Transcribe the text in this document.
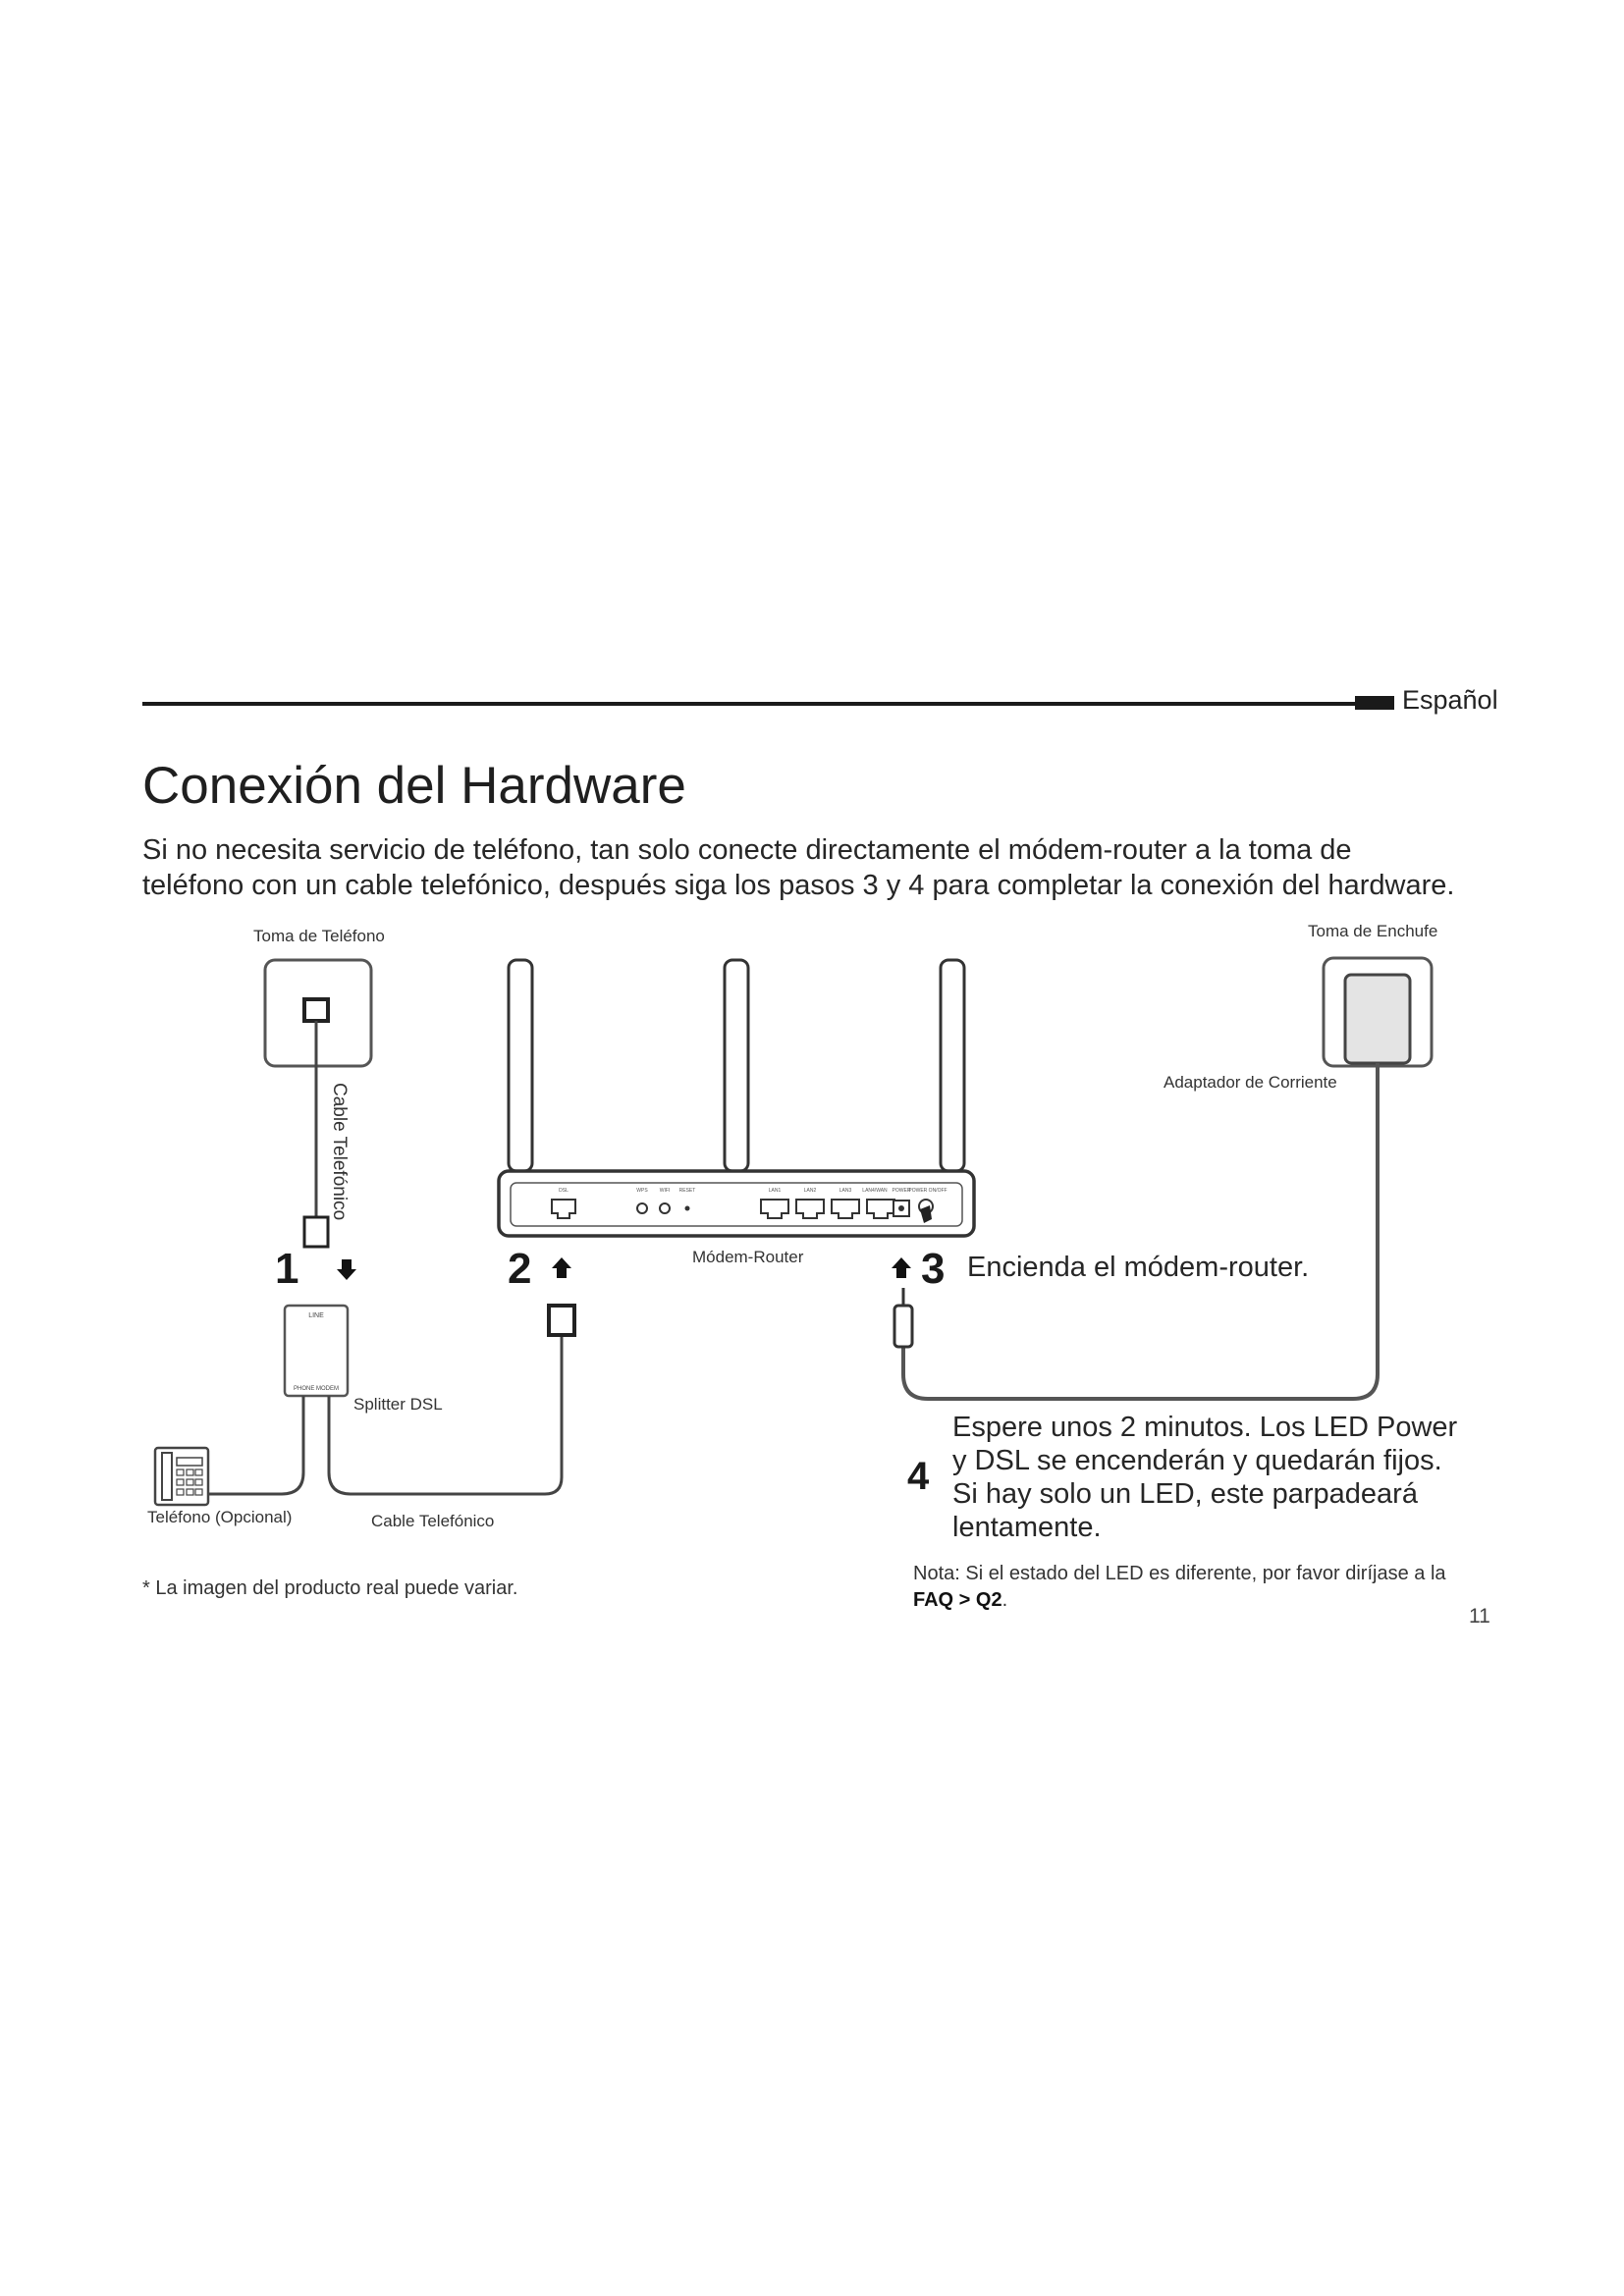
Español
Conexión del Hardware
Si no necesita servicio de teléfono, tan solo conecte directamente el módem-router a la toma de
teléfono con un cable telefónico, después siga los pasos 3 y 4 para completar la conexión del hardware.
LINE
PHONE MODEM
DSL	WPS WIFI RESET	LAN1	LAN2	LAN3 LAN4/WAN POWER
POWER ON/OFF
1	2	3
4
Toma de Teléfono	Toma de Enchufe
Adaptador de Corriente
Cable Telefónico
Módem-Router
Splitter DSL
Teléfono (Opcional)	Cable Telefónico
Encienda el módem-router.
Espere unos 2 minutos. Los LED Power
y DSL se encenderán y quedarán fijos.
Si hay solo un LED, este parpadeará
lentamente.
Nota: Si el estado del LED es diferente, por favor diríjase a la FAQ > Q2.
* La imagen del producto real puede variar.
11
